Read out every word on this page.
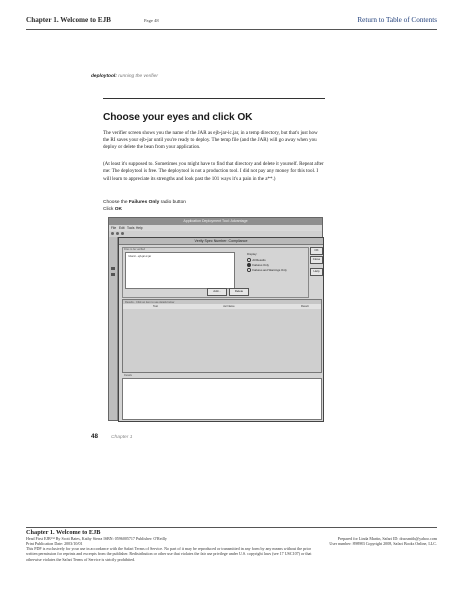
Chapter 1. Welcome to EJB	Page 48	Return to Table of Contents
deploytool: running the verifier
Choose your eyes and click OK
The verifier screen shows you the name of the JAR as ejb-jar-ic.jar, in a temp directory, but that's just how the RI saves your ejb-jar until you're ready to deploy. The temp file (and the JAR) will go away when you deploy or delete the bean from your application.
(At least it's supposed to. Sometimes you might have to find that directory and delete it yourself. Repeat after me: The deploytool is free. The deploytool is not a production tool. I did not pay any money for this tool. I will learn to appreciate its strengths and look past the 101 ways it's a pain in the a**.)
Choose the Failures Only radio button
Click OK
Application Deployment Tool: Advantage
File Edit Tools Help
Verify Spec Number: Compliance
Files to be verified
/Users/...ejb-jar-ic.jar
Display:
All Results
Failures Only
Failures and Warnings Only
OK
Close
Help
Add...	Delete
Results - Click an item to see details below
Test	Jar Name	Result
Details
48	Chapter 1
Chapter 1. Welcome to EJB
Head First EJB™ By Scott Bates, Kathy Sierra ISBN: 0596005717 Publisher: O'Reilly	Prepared for Linda Martin, Safari ID: dracsmith@yahoo.com
Print Publication Date: 2003/10/01	User number: 898983 Copyright 2008, Safari Books Online, LLC.
This PDF is exclusively for your use in accordance with the Safari Terms of Service. No part of it may be reproduced or transmitted in any form by any means without the prior
written permission for reprints and excerpts from the publisher. Redistribution or other use that violates the fair use privilege under U.S. copyright laws (see 17 USC107) or that
otherwise violates the Safari Terms of Service is strictly prohibited.
